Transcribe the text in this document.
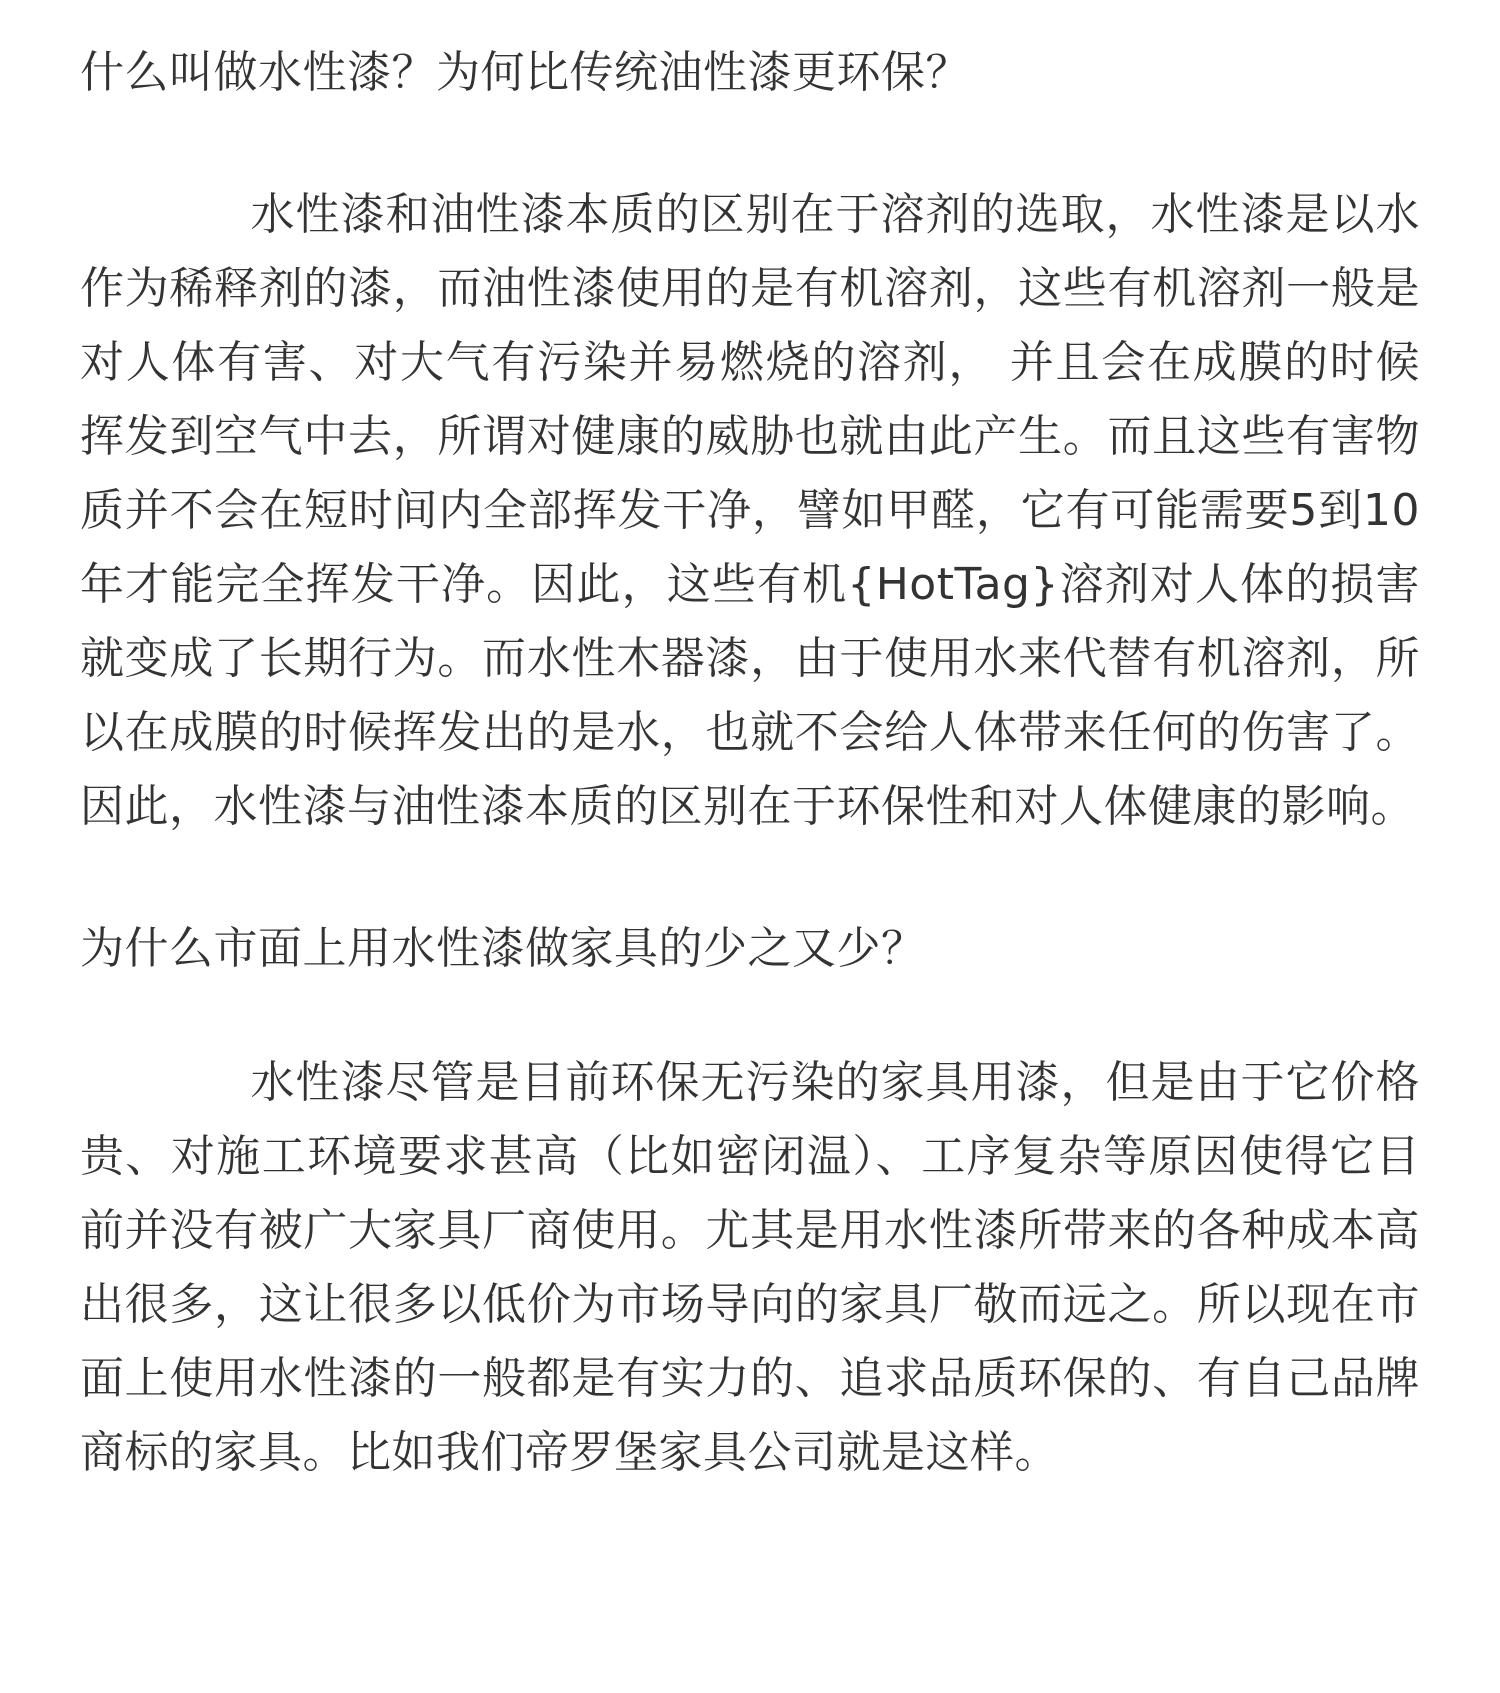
什么叫做水性漆？为何比传统油性漆更环保？

水性漆和油性漆本质的区别在于溶剂的选取，水性漆是以水作为稀释剂的漆，而油性漆使用的是有机溶剂，这些有机溶剂一般是对人体有害、对大气有污染并易燃烧的溶剂， 并且会在成膜的时候挥发到空气中去，所谓对健康的威胁也就由此产生。而且这些有害物质并不会在短时间内全部挥发干净，譬如甲醛，它有可能需要5到10年才能完全挥发干净。因此，这些有机{HotTag}溶剂对人体的损害就变成了长期行为。而水性木器漆，由于使用水来代替有机溶剂，所以在成膜的时候挥发出的是水，也就不会给人体带来任何的伤害了。因此，水性漆与油性漆本质的区别在于环保性和对人体健康的影响。

为什么市面上用水性漆做家具的少之又少？

水性漆尽管是目前环保无污染的家具用漆，但是由于它价格贵、对施工环境要求甚高（比如密闭温）、工序复杂等原因使得它目前并没有被广大家具厂商使用。尤其是用水性漆所带来的各种成本高出很多，这让很多以低价为市场导向的家具厂敬而远之。所以现在市面上使用水性漆的一般都是有实力的、追求品质环保的、有自己品牌商标的家具。比如我们帝罗堡家具公司就是这样。
